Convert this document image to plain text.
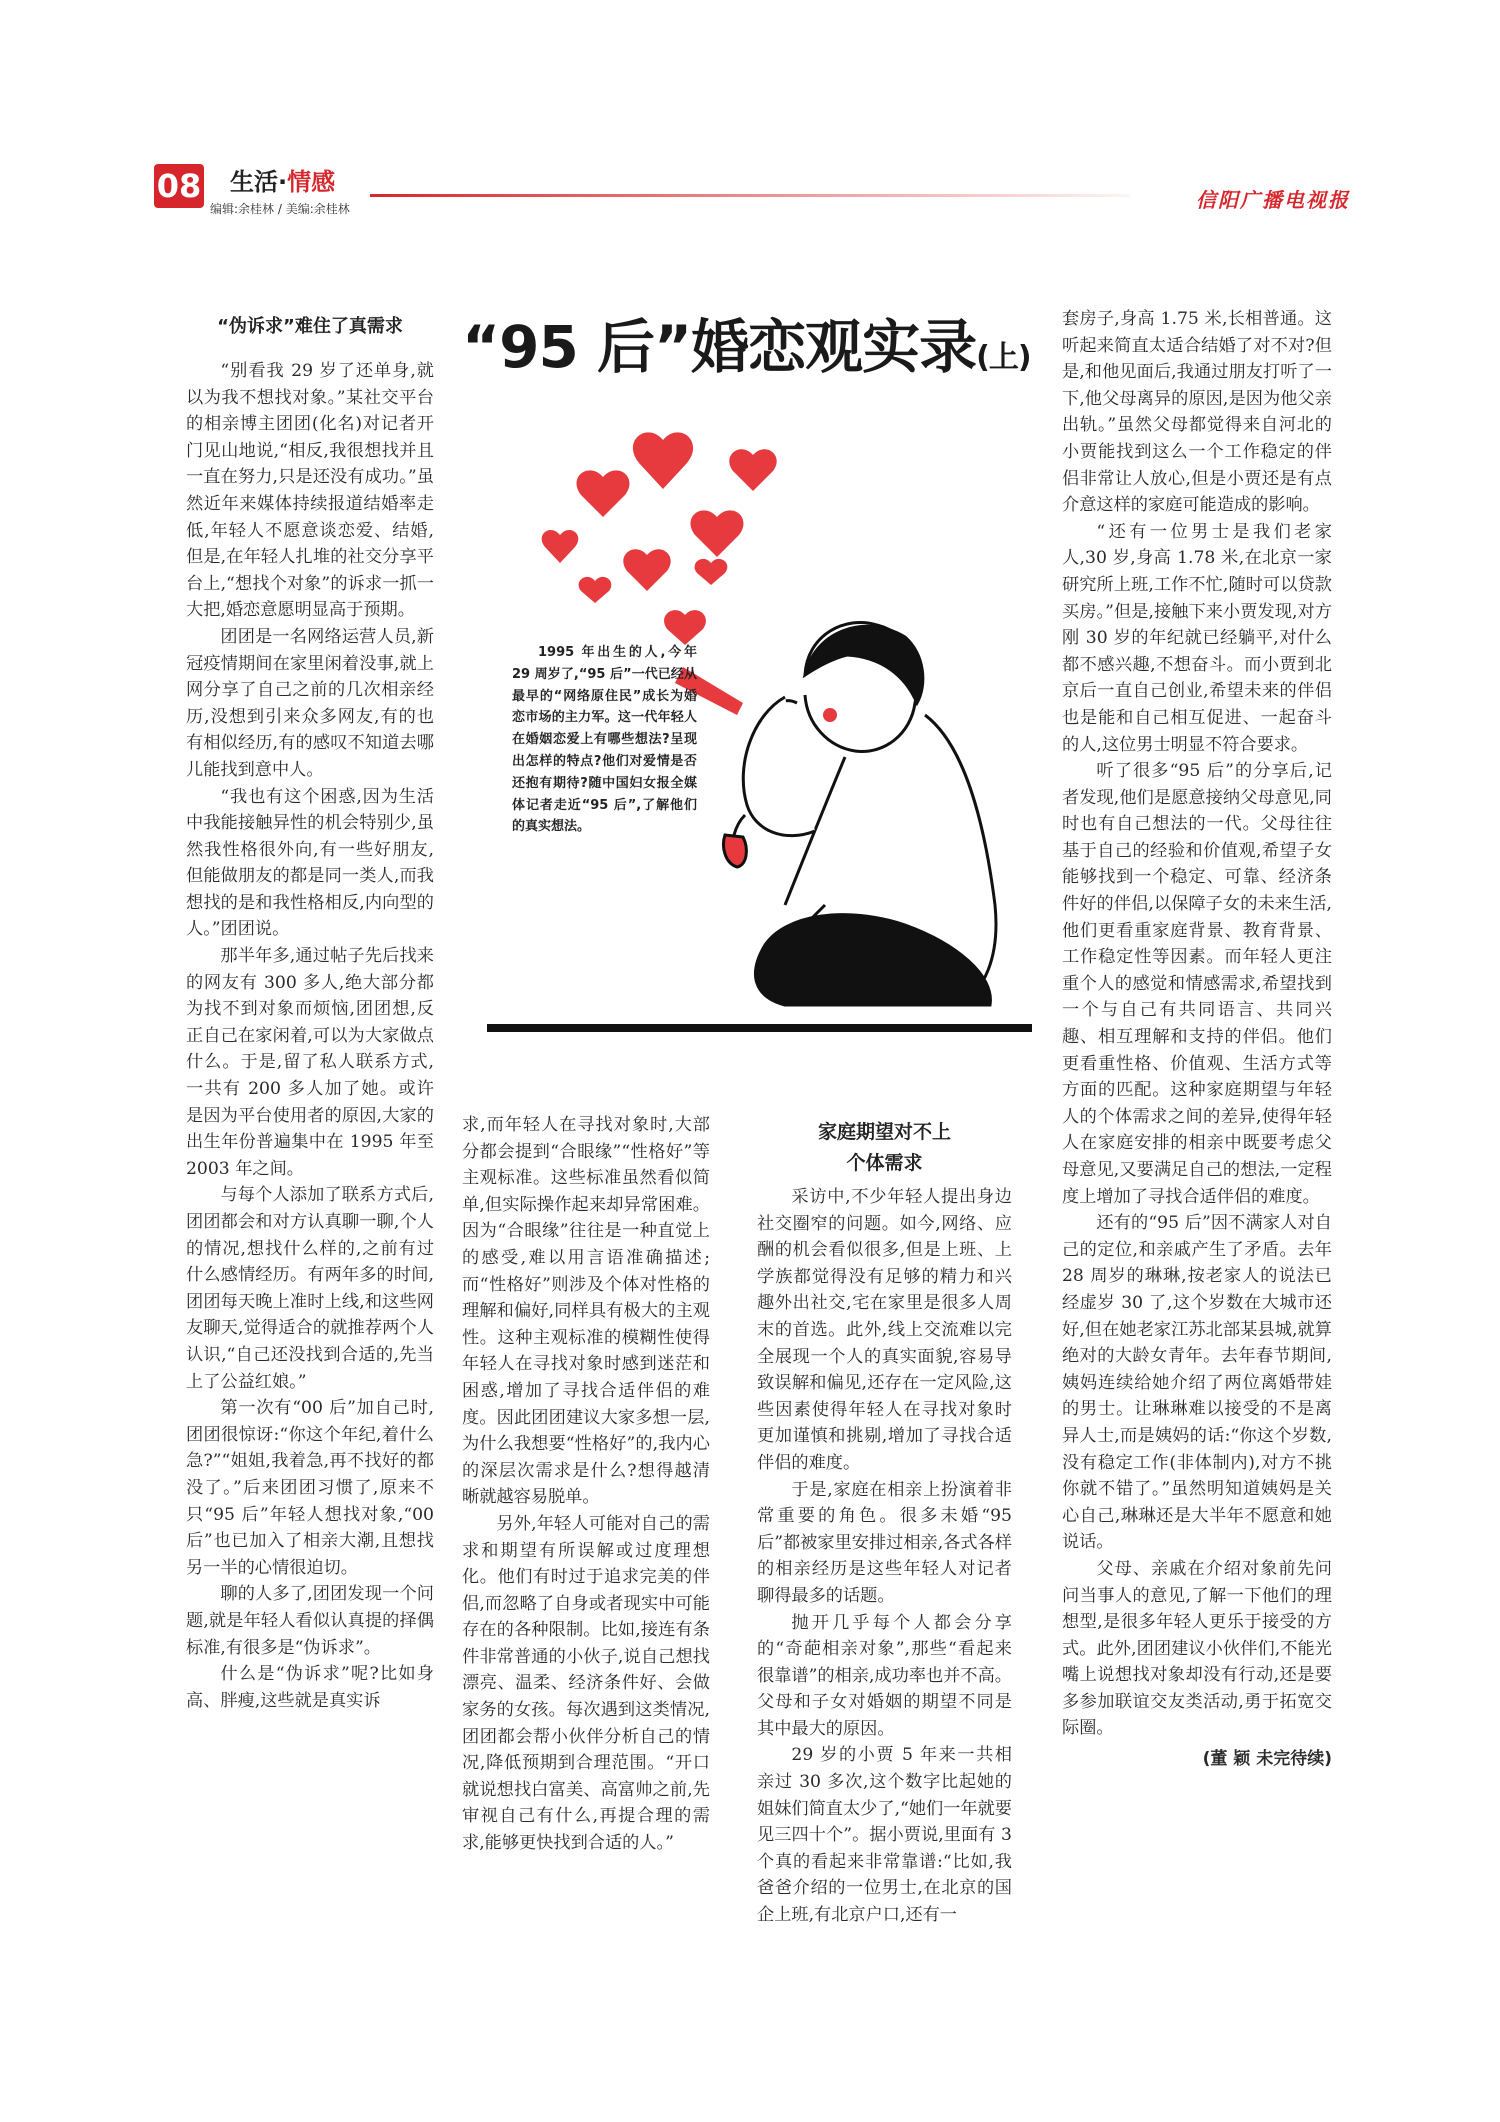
08 生活·情感
编辑:余桂林 / 美编:余桂林	信阳广播电视报
“伪诉求”难住了真需求	“95 后”婚恋观实录(上)
1995 年出生的人,今年 29 周岁了,“95 后”一代已经从最早的“网络原住民”成长为婚恋市场的主力军。这一代年轻人在婚姻恋爱上有哪些想法?呈现出怎样的特点?他们对爱情是否还抱有期待?随中国妇女报全媒体记者走近“95 后”,了解他们的真实想法。

“别看我 29 岁了还单身,就以为我不想找对象。”某社交平台的相亲博主团团(化名)对记者开门见山地说,“相反,我很想找并且一直在努力,只是还没有成功。”虽然近年来媒体持续报道结婚率走低,年轻人不愿意谈恋爱、结婚,但是,在年轻人扎堆的社交分享平台上,“想找个对象”的诉求一抓一大把,婚恋意愿明显高于预期。

团团是一名网络运营人员,新冠疫情期间在家里闲着没事,就上网分享了自己之前的几次相亲经历,没想到引来众多网友,有的也有相似经历,有的感叹不知道去哪儿能找到意中人。

“我也有这个困惑,因为生活中我能接触异性的机会特别少,虽然我性格很外向,有一些好朋友,但能做朋友的都是同一类人,而我想找的是和我性格相反,内向型的人。”团团说。

那半年多,通过帖子先后找来的网友有 300 多人,绝大部分都为找不到对象而烦恼,团团想,反正自己在家闲着,可以为大家做点什么。于是,留了私人联系方式,一共有 200 多人加了她。或许是因为平台使用者的原因,大家的出生年份普遍集中在 1995 年至 2003 年之间。

与每个人添加了联系方式后,团团都会和对方认真聊一聊,个人的情况,想找什么样的,之前有过什么感情经历。有两年多的时间,团团每天晚上准时上线,和这些网友聊天,觉得适合的就推荐两个人认识,“自己还没找到合适的,先当上了公益红娘。”

第一次有“00 后”加自己时,团团很惊讶:“你这个年纪,着什么急?”“姐姐,我着急,再不找好的都没了。”后来团团习惯了,原来不只“95 后”年轻人想找对象,“00 后”也已加入了相亲大潮,且想找另一半的心情很迫切。

聊的人多了,团团发现一个问题,就是年轻人看似认真提的择偶标准,有很多是“伪诉求”。

什么是“伪诉求”呢?比如身高、胖瘦,这些就是真实诉

求,而年轻人在寻找对象时,大部分都会提到“合眼缘”“性格好”等主观标准。这些标准虽然看似简单,但实际操作起来却异常困难。因为“合眼缘”往往是一种直觉上的感受,难以用言语准确描述;而“性格好”则涉及个体对性格的理解和偏好,同样具有极大的主观性。这种主观标准的模糊性使得年轻人在寻找对象时感到迷茫和困惑,增加了寻找合适伴侣的难度。因此团团建议大家多想一层,为什么我想要“性格好”的,我内心的深层次需求是什么?想得越清晰就越容易脱单。

另外,年轻人可能对自己的需求和期望有所误解或过度理想化。他们有时过于追求完美的伴侣,而忽略了自身或者现实中可能存在的各种限制。比如,接连有条件非常普通的小伙子,说自己想找漂亮、温柔、经济条件好、会做家务的女孩。每次遇到这类情况,团团都会帮小伙伴分析自己的情况,降低预期到合理范围。“开口就说想找白富美、高富帅之前,先审视自己有什么,再提合理的需求,能够更快找到合适的人。”

家庭期望对不上
个体需求

采访中,不少年轻人提出身边社交圈窄的问题。如今,网络、应酬的机会看似很多,但是上班、上学族都觉得没有足够的精力和兴趣外出社交,宅在家里是很多人周末的首选。此外,线上交流难以完全展现一个人的真实面貌,容易导致误解和偏见,还存在一定风险,这些因素使得年轻人在寻找对象时更加谨慎和挑剔,增加了寻找合适伴侣的难度。

于是,家庭在相亲上扮演着非常重要的角色。很多未婚“95 后”都被家里安排过相亲,各式各样的相亲经历是这些年轻人对记者聊得最多的话题。

抛开几乎每个人都会分享的“奇葩相亲对象”,那些“看起来很靠谱”的相亲,成功率也并不高。父母和子女对婚姻的期望不同是其中最大的原因。

29 岁的小贾 5 年来一共相亲过 30 多次,这个数字比起她的姐妹们简直太少了,“她们一年就要见三四十个”。据小贾说,里面有 3 个真的看起来非常靠谱:“比如,我爸爸介绍的一位男士,在北京的国企上班,有北京户口,还有一

套房子,身高 1.75 米,长相普通。这听起来简直太适合结婚了对不对?但是,和他见面后,我通过朋友打听了一下,他父母离异的原因,是因为他父亲出轨。”虽然父母都觉得来自河北的小贾能找到这么一个工作稳定的伴侣非常让人放心,但是小贾还是有点介意这样的家庭可能造成的影响。

“还有一位男士是我们老家人,30 岁,身高 1.78 米,在北京一家研究所上班,工作不忙,随时可以贷款买房。”但是,接触下来小贾发现,对方刚 30 岁的年纪就已经躺平,对什么都不感兴趣,不想奋斗。而小贾到北京后一直自己创业,希望未来的伴侣也是能和自己相互促进、一起奋斗的人,这位男士明显不符合要求。

听了很多“95 后”的分享后,记者发现,他们是愿意接纳父母意见,同时也有自己想法的一代。父母往往基于自己的经验和价值观,希望子女能够找到一个稳定、可靠、经济条件好的伴侣,以保障子女的未来生活,他们更看重家庭背景、教育背景、工作稳定性等因素。而年轻人更注重个人的感觉和情感需求,希望找到一个与自己有共同语言、共同兴趣、相互理解和支持的伴侣。他们更看重性格、价值观、生活方式等方面的匹配。这种家庭期望与年轻人的个体需求之间的差异,使得年轻人在家庭安排的相亲中既要考虑父母意见,又要满足自己的想法,一定程度上增加了寻找合适伴侣的难度。

还有的“95 后”因不满家人对自己的定位,和亲戚产生了矛盾。去年 28 周岁的琳琳,按老家人的说法已经虚岁 30 了,这个岁数在大城市还好,但在她老家江苏北部某县城,就算绝对的大龄女青年。去年春节期间,姨妈连续给她介绍了两位离婚带娃的男士。让琳琳难以接受的不是离异人士,而是姨妈的话:“你这个岁数,没有稳定工作(非体制内),对方不挑你就不错了。”虽然明知道姨妈是关心自己,琳琳还是大半年不愿意和她说话。

父母、亲戚在介绍对象前先问问当事人的意见,了解一下他们的理想型,是很多年轻人更乐于接受的方式。此外,团团建议小伙伴们,不能光嘴上说想找对象却没有行动,还是要多参加联谊交友类活动,勇于拓宽交际圈。

(董 颖 未完待续)
